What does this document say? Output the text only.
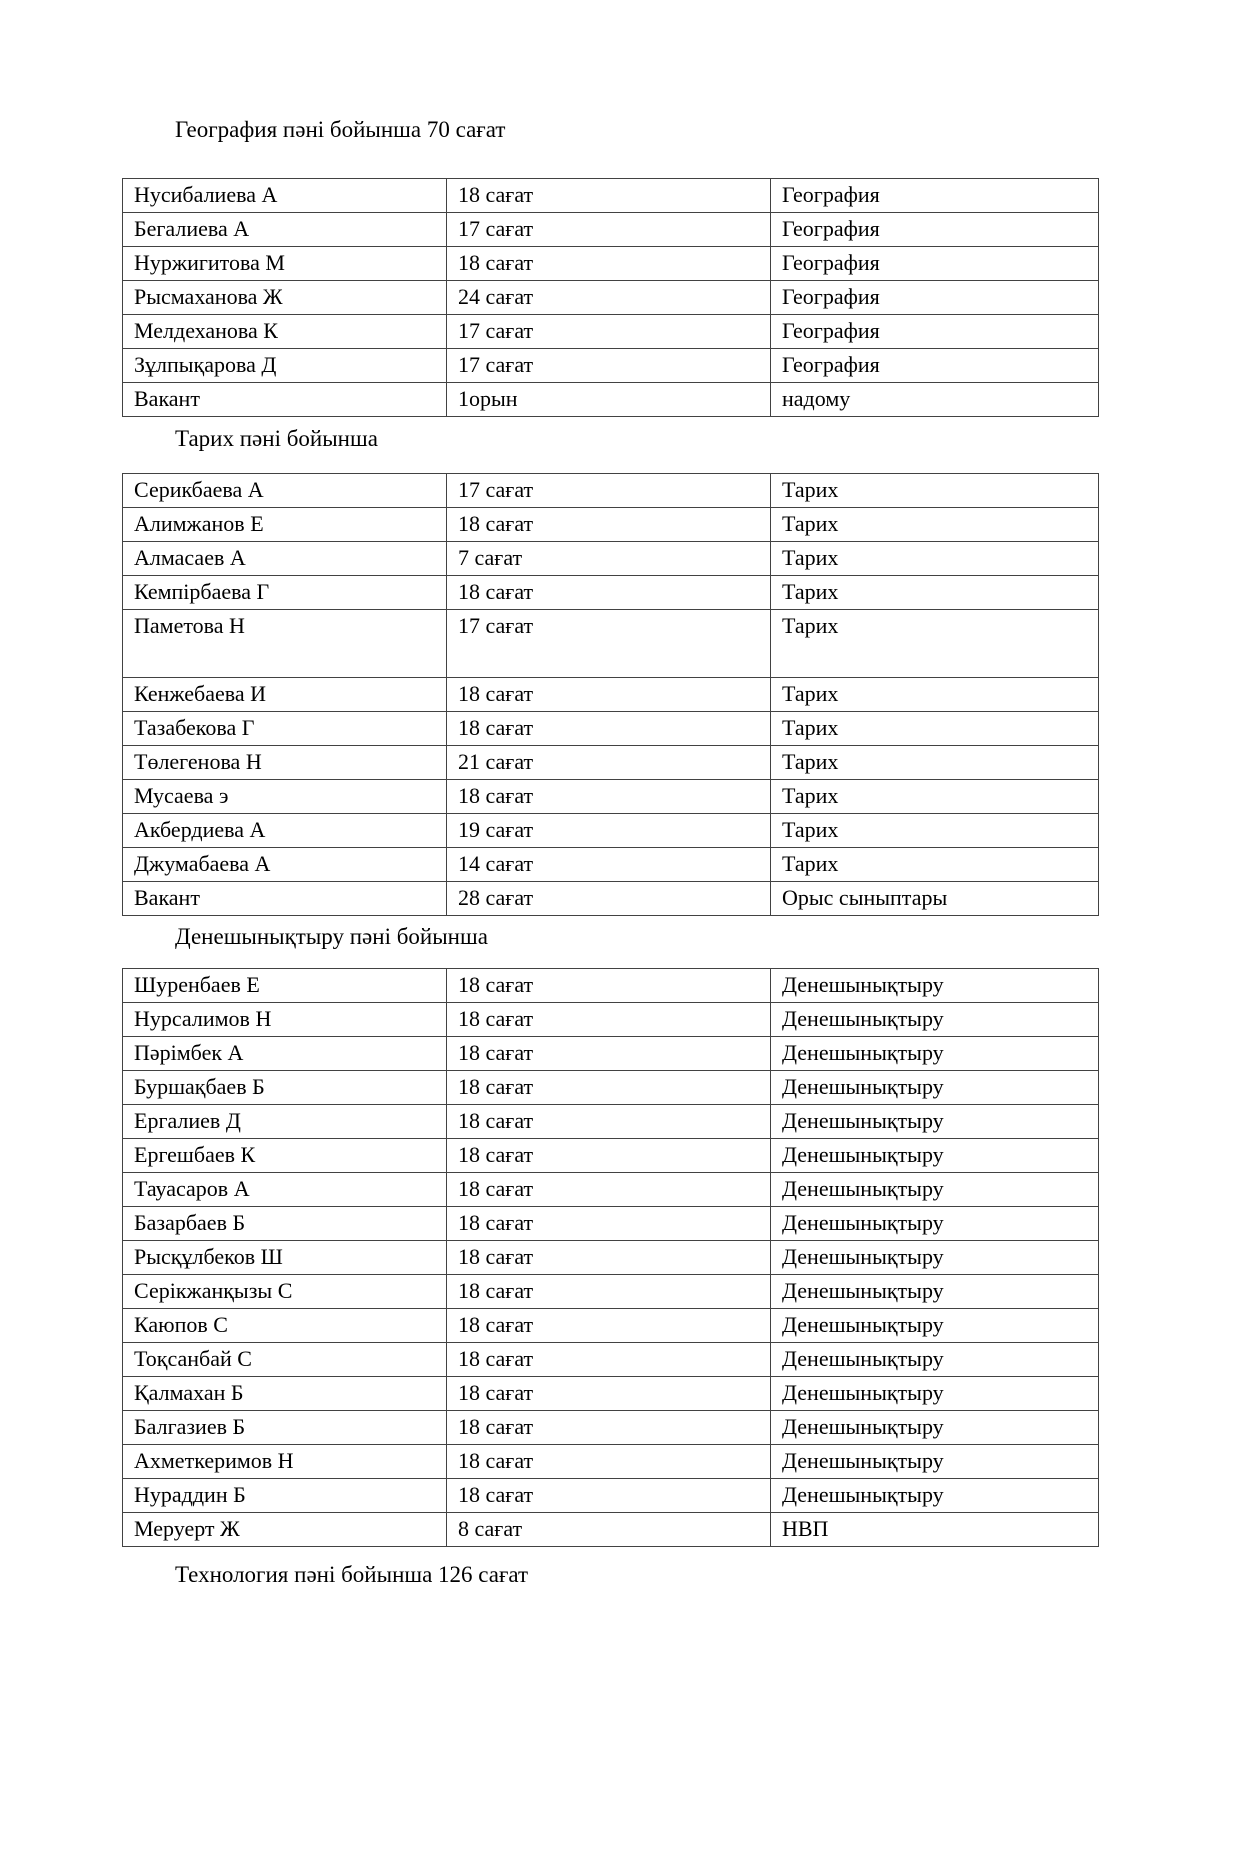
География пәні бойынша 70 сағат

Нусибалиева А	18 сағат	География
Бегалиева А	17 сағат	География
Нуржигитова М	18 сағат	География
Рысмаханова Ж	24 сағат	География
Мелдеханова К	17 сағат	География
Зұлпықарова Д	17 сағат	География
Вакант	1орын	надому

Тарих пәні бойынша

Серикбаева А	17 сағат	Тарих
Алимжанов Е	18 сағат	Тарих
Алмасаев А	7 сағат	Тарих
Кемпірбаева Г	18 сағат	Тарих
Паметова Н	17 сағат	Тарих
Кенжебаева И	18 сағат	Тарих
Тазабекова Г	18 сағат	Тарих
Төлегенова Н	21 сағат	Тарих
Мусаева э	18 сағат	Тарих
Акбердиева А	19 сағат	Тарих
Джумабаева А	14 сағат	Тарих
Вакант	28 сағат	Орыс сыныптары

Денешынықтыру пәні бойынша

Шуренбаев Е	18 сағат	Денешынықтыру
Нурсалимов Н	18 сағат	Денешынықтыру
Пәрімбек А	18 сағат	Денешынықтыру
Буршақбаев Б	18 сағат	Денешынықтыру
Ергалиев Д	18 сағат	Денешынықтыру
Ергешбаев К	18 сағат	Денешынықтыру
Тауасаров А	18 сағат	Денешынықтыру
Базарбаев Б	18 сағат	Денешынықтыру
Рысқұлбеков Ш	18 сағат	Денешынықтыру
Серікжанқызы С	18 сағат	Денешынықтыру
Каюпов С	18 сағат	Денешынықтыру
Тоқсанбай С	18 сағат	Денешынықтыру
Қалмахан Б	18 сағат	Денешынықтыру
Балгазиев Б	18 сағат	Денешынықтыру
Ахметкеримов Н	18 сағат	Денешынықтыру
Нураддин Б	18 сағат	Денешынықтыру
Меруерт Ж	8 сағат	НВП

Технология пәні бойынша 126 сағат
